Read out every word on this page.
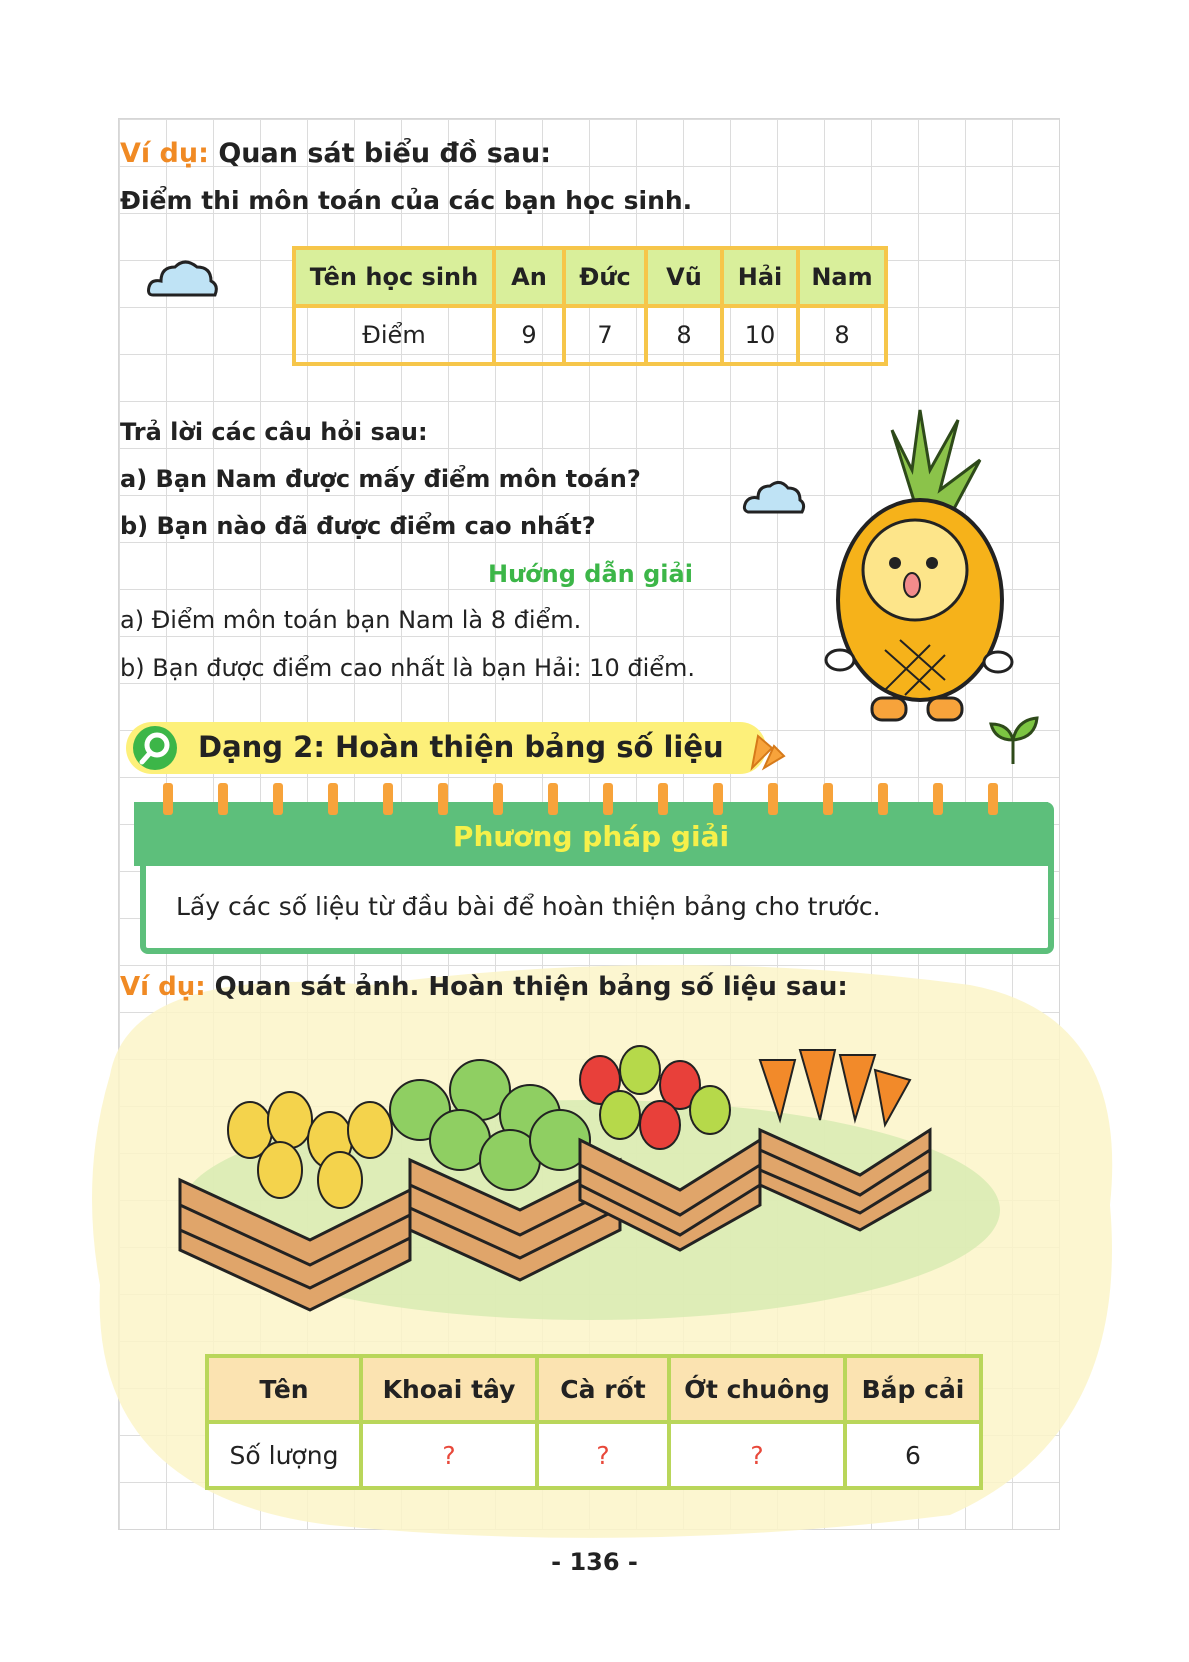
Ví dụ: Quan sát biểu đồ sau:
Điểm thi môn toán của các bạn học sinh.
Tên học sinh	An	Đức	Vũ	Hải	Nam
Điểm	9	7	8	10	8
Trả lời các câu hỏi sau:
a) Bạn Nam được mấy điểm môn toán?
b) Bạn nào đã được điểm cao nhất?
Hướng dẫn giải
a) Điểm môn toán bạn Nam là 8 điểm.
b) Bạn được điểm cao nhất là bạn Hải: 10 điểm.
Dạng 2: Hoàn thiện bảng số liệu
Phương pháp giải
Lấy các số liệu từ đầu bài để hoàn thiện bảng cho trước.
Ví dụ: Quan sát ảnh. Hoàn thiện bảng số liệu sau:
Tên	Khoai tây	Cà rốt	Ớt chuông	Bắp cải
Số lượng	?	?	?	6
- 136 -
